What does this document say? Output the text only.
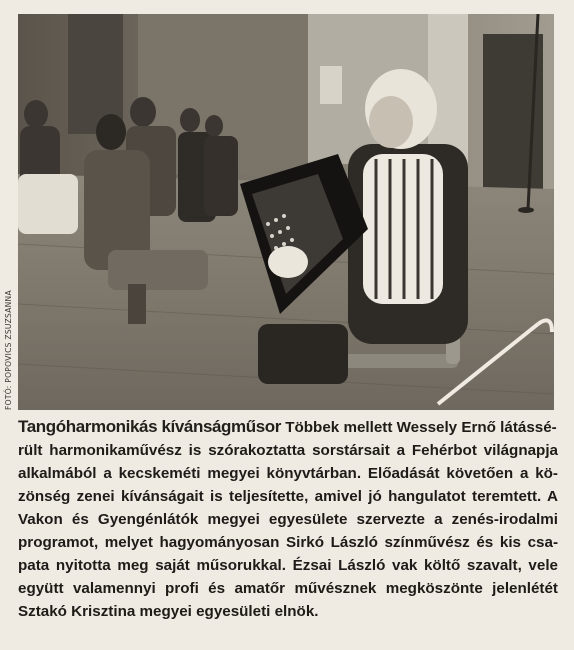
FOTÓ: POPOVICS ZSUZSANNA
Tangóharmonikás kívánságműsor Többek mellett Wessely Ernő látássé-
rült harmonikaművész is szórakoztatta sorstársait a Fehérbot világnapja
alkalmából a kecskeméti megyei könyvtárban. Előadását követően a kö-
zönség zenei kívánságait is teljesítette, amivel jó hangulatot teremtett. A
Vakon és Gyengénlátók megyei egyesülete szervezte a zenés-irodalmi
programot, melyet hagyományosan Sirkó László színművész és kis csa-
pata nyitotta meg saját műsorukkal. Ézsai László vak költő szavalt, vele
együtt valamennyi profi és amatőr művésznek megköszönte jelenlétét
Sztakó Krisztina megyei egyesületi elnök.
